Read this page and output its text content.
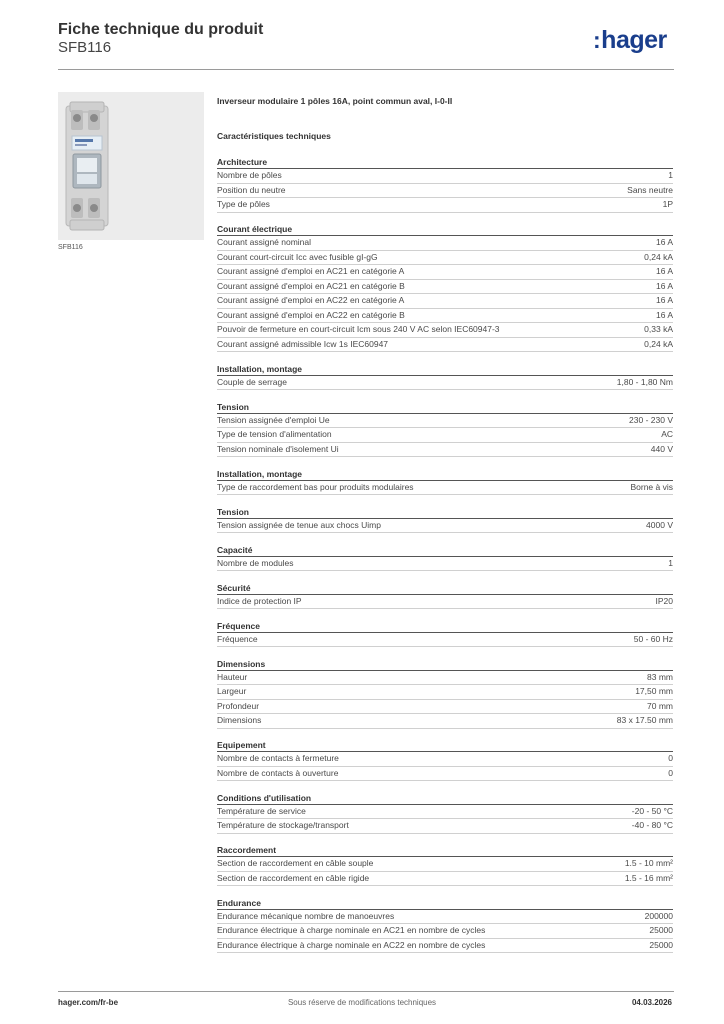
Fiche technique du produit
SFB116	:hager
SFB116
Inverseur modulaire 1 pôles 16A, point commun aval, I-0-II
Caractéristiques techniques
Architecture
Nombre de pôles	1
Position du neutre	Sans neutre
Type de pôles	1P
Courant électrique
Courant assigné nominal	16 A
Courant court-circuit Icc avec fusible gI-gG	0,24 kA
Courant assigné d'emploi en AC21 en catégorie A	16 A
Courant assigné d'emploi en AC21 en catégorie B	16 A
Courant assigné d'emploi en AC22 en catégorie A	16 A
Courant assigné d'emploi en AC22 en catégorie B	16 A
Pouvoir de fermeture en court-circuit Icm sous 240 V AC selon IEC60947-3	0,33 kA
Courant assigné admissible Icw 1s IEC60947	0,24 kA
Installation, montage
Couple de serrage	1,80 - 1,80 Nm
Tension
Tension assignée d'emploi Ue	230 - 230 V
Type de tension d'alimentation	AC
Tension nominale d'isolement Ui	440 V
Installation, montage
Type de raccordement bas pour produits modulaires	Borne à vis
Tension
Tension assignée de tenue aux chocs Uimp	4000 V
Capacité
Nombre de modules	1
Sécurité
Indice de protection IP	IP20
Fréquence
Fréquence	50 - 60 Hz
Dimensions
Hauteur	83 mm
Largeur	17,50 mm
Profondeur	70 mm
Dimensions	83 x 17.50 mm
Equipement
Nombre de contacts à fermeture	0
Nombre de contacts à ouverture	0
Conditions d'utilisation
Température de service	-20 - 50 °C
Température de stockage/transport	-40 - 80 °C
Raccordement
Section de raccordement en câble souple	1.5 - 10 mm²
Section de raccordement en câble rigide	1.5 - 16 mm²
Endurance
Endurance mécanique nombre de manoeuvres	200000
Endurance électrique à charge nominale en AC21 en nombre de cycles	25000
Endurance électrique à charge nominale en AC22 en nombre de cycles	25000
hager.com/fr-be	Sous réserve de modifications techniques	04.03.2026
